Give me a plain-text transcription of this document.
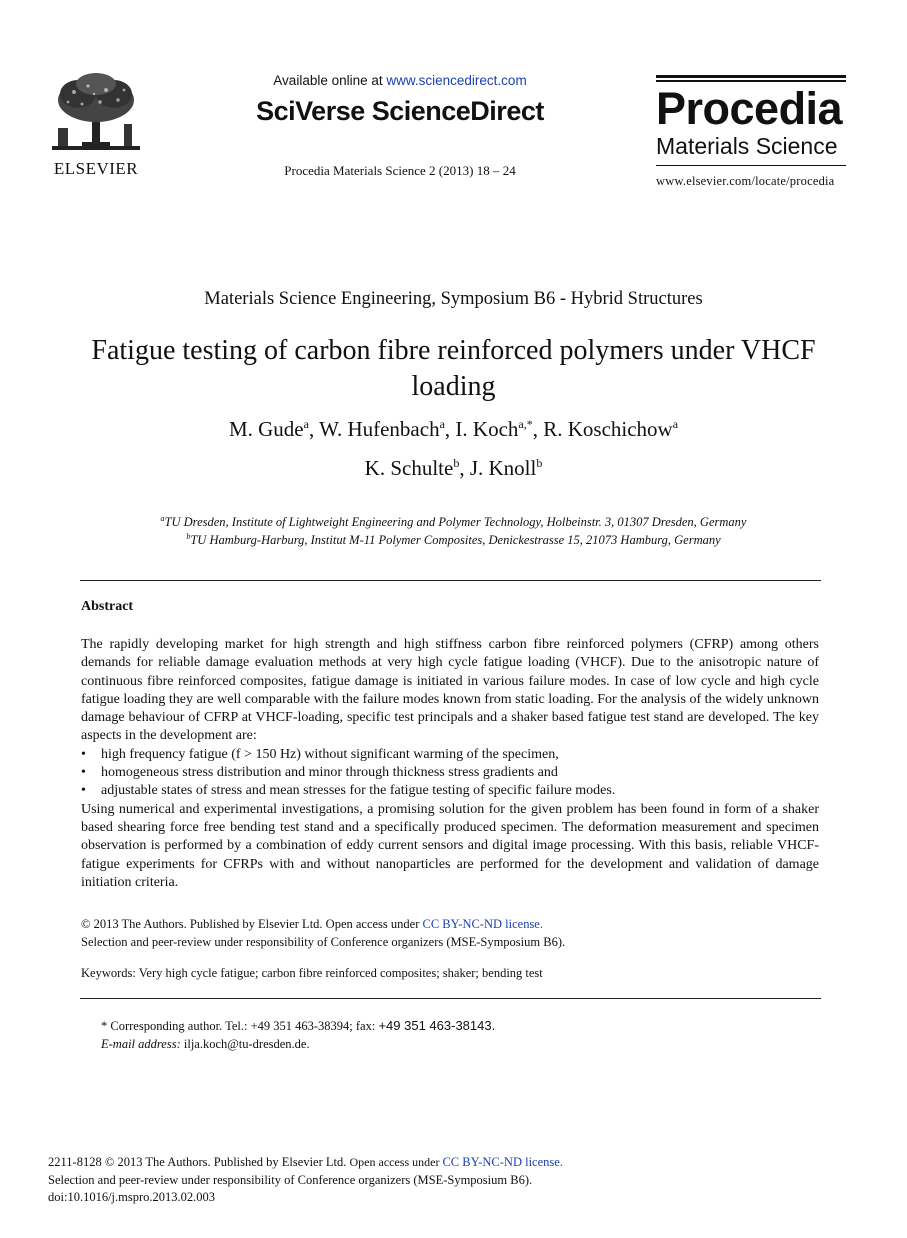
ELSEVIER
Available online at www.sciencedirect.com
SciVerse ScienceDirect
Procedia Materials Science 2 (2013) 18 – 24
Procedia
Materials Science
www.elsevier.com/locate/procedia
Materials Science Engineering, Symposium B6 - Hybrid Structures
Fatigue testing of carbon fibre reinforced polymers under VHCF loading
M. Gude$^a$, W. Hufenbach$^a$, I. Koch$^{a,*}$, R. Koschichow$^a$
K. Schulte$^b$, J. Knoll$^b$
$^a$TU Dresden, Institute of Lightweight Engineering and Polymer Technology, Holbeinstr. 3, 01307 Dresden, Germany
$^b$TU Hamburg-Harburg, Institut M-11 Polymer Composites, Denickestrasse 15, 21073 Hamburg, Germany
Abstract

The rapidly developing market for high strength and high stiffness carbon fibre reinforced polymers (CFRP) among others demands for reliable damage evaluation methods at very high cycle fatigue loading (VHCF). Due to the anisotropic nature of continuous fibre reinforced composites, fatigue damage is initiated in various failure modes. In case of low cycle and high cycle fatigue loading they are well comparable with the failure modes known from static loading. For the analysis of the widely unknown damage behaviour of CFRP at VHCF-loading, specific test principals and a shaker based fatigue test stand are developed. The key aspects in the development are:

• high frequency fatigue (f > 150 Hz) without significant warming of the specimen,
• homogeneous stress distribution and minor through thickness stress gradients and
• adjustable states of stress and mean stresses for the fatigue testing of specific failure modes.

Using numerical and experimental investigations, a promising solution for the given problem has been found in form of a shaker based shearing force free bending test stand and a specifically produced specimen. The deformation measurement and specimen observation is performed by a combination of eddy current sensors and digital image processing. With this basis, reliable VHCF-fatigue experiments for CFRPs with and without nanoparticles are performed for the development and validation of damage initiation criteria.

© 2013 The Authors. Published by Elsevier Ltd. Open access under CC BY-NC-ND license.
Selection and peer-review under responsibility of Conference organizers (MSE-Symposium B6).
Keywords: Very high cycle fatigue; carbon fibre reinforced composites; shaker; bending test
* Corresponding author. Tel.: +49 351 463-38394; fax: +49 351 463-38143.
E-mail address: ilja.koch@tu-dresden.de.
2211-8128 © 2013 The Authors. Published by Elsevier Ltd. Open access under CC BY-NC-ND license.
Selection and peer-review under responsibility of Conference organizers (MSE-Symposium B6).
doi:10.1016/j.mspro.2013.02.003
